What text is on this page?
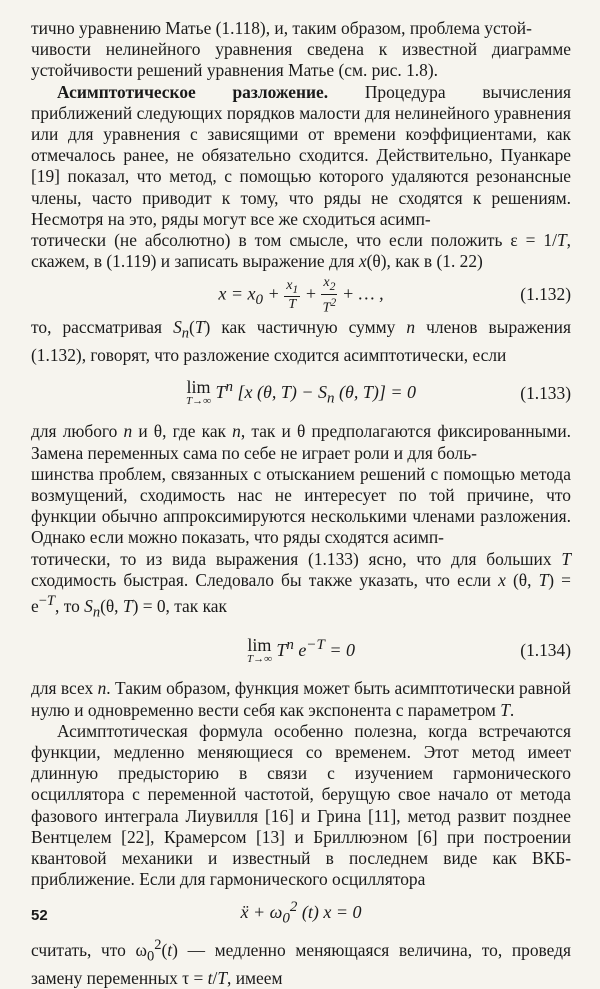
тично уравнению Матье (1.118), и, таким образом, проблема устой-
чивости нелинейного уравнения сведена к известной диаграмме устойчивости решений уравнения Матье (см. рис. 1.8).

Асимптотическое разложение. Процедура вычисления приближений следующих порядков малости для нелинейного уравнения или для уравнения с зависящими от времени коэффициентами, как отмечалось ранее, не обязательно сходится. Действительно, Пуанкаре [19] показал, что метод, с помощью которого удаляются резонансные члены, часто приводит к тому, что ряды не сходятся к решениям. Несмотря на это, ряды могут все же сходиться асимп-
тотически (не абсолютно) в том смысле, что если положить ε = 1/T, скажем, в (1.119) и записать выражение для x(θ), как в (1. 22)

$x = x_0 + \frac{x_1}{T} + \frac{x_2}{T^2}$ + … ,	(1.132)

то, рассматривая $S_n(T)$ как частичную сумму n членов выражения (1.132), говорят, что разложение сходится асимптотически, если

lim
T→∞ $T^n$ [x (θ, $T) - S_n$ (θ, T)] = 0	(1.133)

для любого n и θ, где как n, так и θ предполагаются фиксированными. Замена переменных сама по себе не играет роли и для боль-
шинства проблем, связанных с отысканием решений с помощью метода возмущений, сходимость нас не интересует по той причине, что функции обычно аппроксимируются несколькими членами разложения. Однако если можно показать, что ряды сходятся асимп-
тотически, то из вида выражения (1.133) ясно, что для больших T сходимость быстрая. Следовало бы также указать, что если x (θ, $T) = e^{-T}$, то $S_n(\theta$, T) = 0, так как

lim
T→∞ $T^n$ $e^{-T} = 0$	(1.134)

для всех n. Таким образом, функция может быть асимптотически равной нулю и одновременно вести себя как экспонента с параметром T.

Асимптотическая формула особенно полезна, когда встречаются функции, медленно меняющиеся со временем. Этот метод имеет длинную предысторию в связи с изучением гармонического осциллятора с переменной частотой, берущую свое начало от метода фазового интеграла Лиувилля [16] и Грина [11], метод развит позднее Вентцелем [22], Крамерсом [13] и Бриллюэном [6] при построении квантовой механики и известный в последнем виде как ВКБ-приближение. Если для гармонического осциллятора

ẍ + $\omega_0^2$ (t) x = 0

считать, что $\omega_0^2(t)$ — медленно меняющаяся величина, то, проведя замену переменных τ = t/T, имеем

52
